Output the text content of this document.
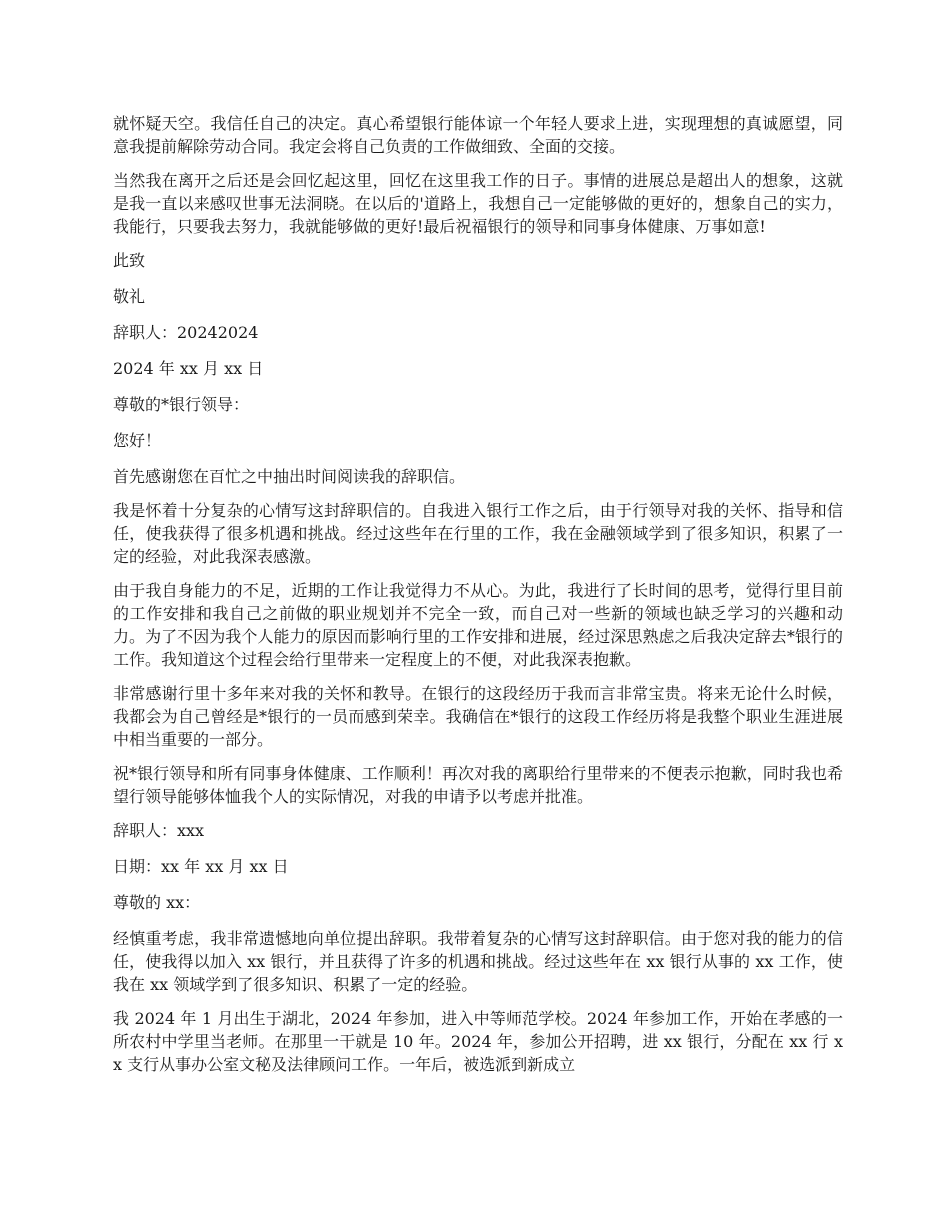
就怀疑天空。我信任自己的决定。真心希望银行能体谅一个年轻人要求上进，实现理想的真诚愿望，同意我提前解除劳动合同。我定会将自己负责的工作做细致、全面的交接。

当然我在离开之后还是会回忆起这里，回忆在这里我工作的日子。事情的进展总是超出人的想象，这就是我一直以来感叹世事无法洞晓。在以后的'道路上，我想自己一定能够做的更好的，想象自己的实力，我能行，只要我去努力，我就能够做的更好!最后祝福银行的领导和同事身体健康、万事如意!

此致

敬礼

辞职人：20242024

2024 年 xx 月 xx 日

尊敬的*银行领导：

您好！

首先感谢您在百忙之中抽出时间阅读我的辞职信。

我是怀着十分复杂的心情写这封辞职信的。自我进入银行工作之后，由于行领导对我的关怀、指导和信任，使我获得了很多机遇和挑战。经过这些年在行里的工作，我在金融领域学到了很多知识，积累了一定的经验，对此我深表感激。

由于我自身能力的不足，近期的工作让我觉得力不从心。为此，我进行了长时间的思考，觉得行里目前的工作安排和我自己之前做的职业规划并不完全一致，而自己对一些新的领域也缺乏学习的兴趣和动力。为了不因为我个人能力的原因而影响行里的工作安排和进展，经过深思熟虑之后我决定辞去*银行的工作。我知道这个过程会给行里带来一定程度上的不便，对此我深表抱歉。

非常感谢行里十多年来对我的关怀和教导。在银行的这段经历于我而言非常宝贵。将来无论什么时候，我都会为自己曾经是*银行的一员而感到荣幸。我确信在*银行的这段工作经历将是我整个职业生涯进展中相当重要的一部分。

祝*银行领导和所有同事身体健康、工作顺利！再次对我的离职给行里带来的不便表示抱歉，同时我也希望行领导能够体恤我个人的实际情况，对我的申请予以考虑并批准。

辞职人：xxx

日期：xx 年 xx 月 xx 日

尊敬的 xx：

经慎重考虑，我非常遗憾地向单位提出辞职。我带着复杂的心情写这封辞职信。由于您对我的能力的信任，使我得以加入 xx 银行，并且获得了许多的机遇和挑战。经过这些年在 xx 银行从事的 xx 工作，使我在 xx 领域学到了很多知识、积累了一定的经验。

我 2024 年 1 月出生于湖北，2024 年参加，进入中等师范学校。2024 年参加工作，开始在孝感的一所农村中学里当老师。在那里一干就是 10 年。2024 年，参加公开招聘，进 xx 银行，分配在 xx 行 xx 支行从事办公室文秘及法律顾问工作。一年后，被选派到新成立
